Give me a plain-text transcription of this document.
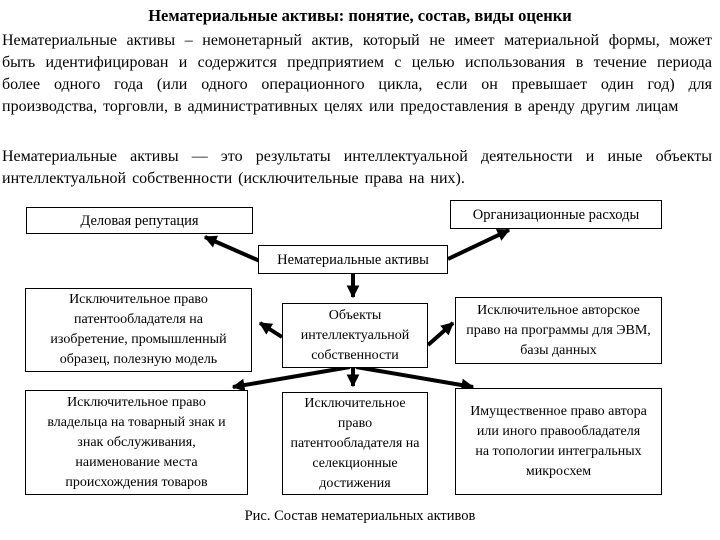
Нематериальные активы: понятие, состав, виды оценки
Нематериальные активы – немонетарный актив, который не имеет материальной формы, может быть идентифицирован и содержится предприятием с целью использования в течение периода более одного года (или одного операционного цикла, если он превышает один год) для производства, торговли, в административных целях или предоставления в аренду другим лицам
Нематериальные активы — это результаты интеллектуальной деятельности и иные объекты интеллектуальной собственности (исключительные права на них).
Деловая репутация	Организационные расходы
Нематериальные активы
Исключительное право патентообладателя на изобретение, промышленный образец, полезную модель
Объекты интеллектуальной собственности
Исключительное авторское право на программы для ЭВМ, базы данных
Исключительное право владельца на товарный знак и знак обслуживания, наименование места происхождения товаров
Исключительное право патентообладателя на селекционные достижения
Имущественное право автора или иного правообладателя на топологии интегральных микросхем
Рис. Состав нематериальных активов
